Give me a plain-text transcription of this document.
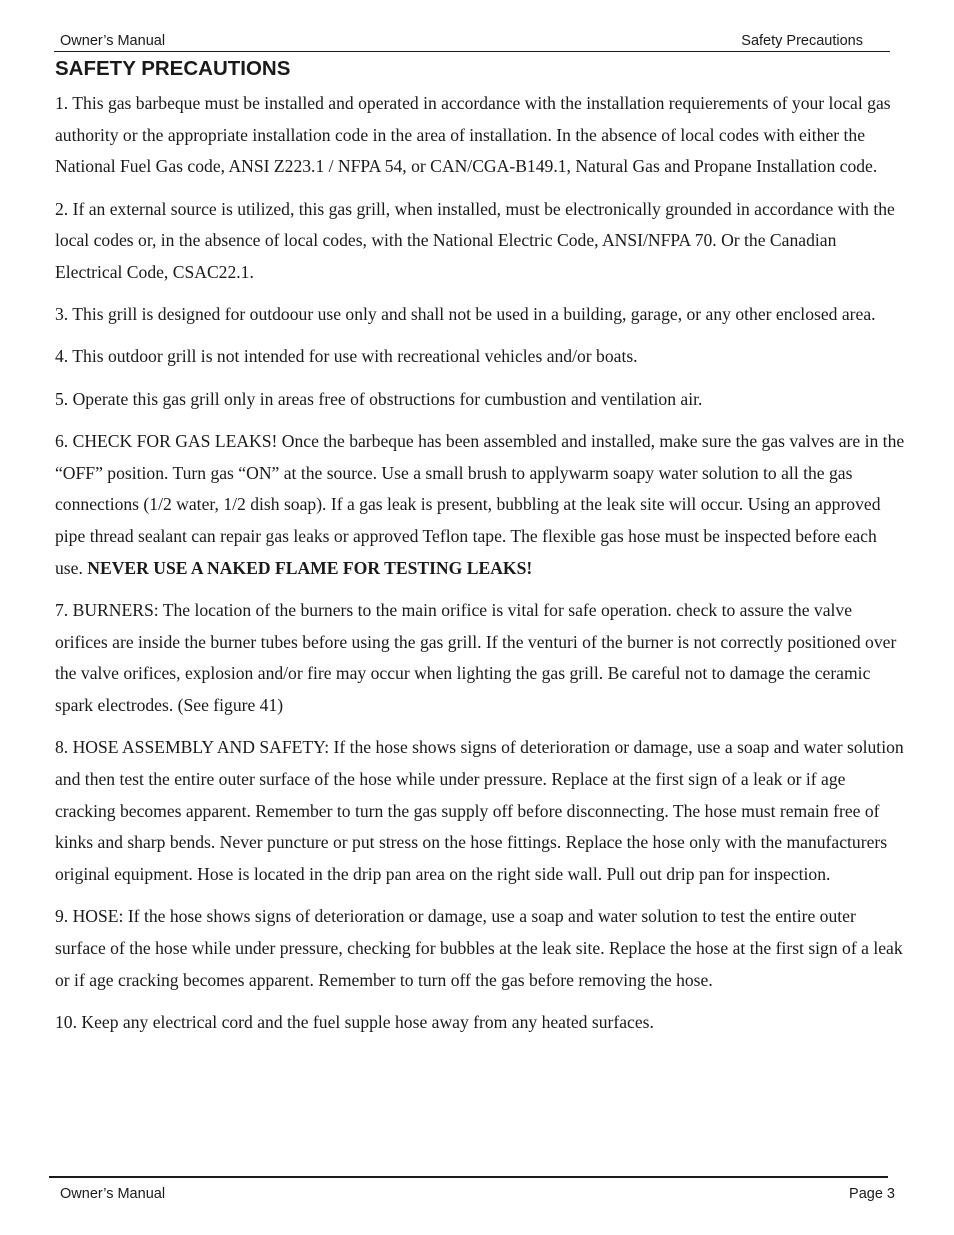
Owner’s Manual	Safety Precautions
SAFETY PRECAUTIONS

1. This gas barbeque must be installed and operated in accordance with the installation requierements of your local gas authority or the appropriate installation code in the area of installation. In the absence of local codes with either the National Fuel Gas code, ANSI Z223.1 / NFPA 54, or CAN/CGA-B149.1, Natural Gas and Propane Installation code.

2. If an external source is utilized, this gas grill, when installed, must be electronically grounded in accordance with the local codes or, in the absence of local codes, with the National Electric Code, ANSI/NFPA 70. Or the Canadian Electrical Code, CSAC22.1.

3. This grill is designed for outdoour use only and shall not be used in a building, garage, or any other enclosed area.

4. This outdoor grill is not intended for use with recreational vehicles and/or boats.

5. Operate this gas grill only in areas free of obstructions for cumbustion and ventilation air.

6. CHECK FOR GAS LEAKS! Once the barbeque has been assembled and installed, make sure the gas valves are in the “OFF” position. Turn gas “ON” at the source. Use a small brush to applywarm soapy water solution to all the gas connections (1/2 water, 1/2 dish soap). If a gas leak is present, bubbling at the leak site will occur. Using an approved pipe thread sealant can repair gas leaks or approved Teflon tape. The flexible gas hose must be inspected before each use. NEVER USE A NAKED FLAME FOR TESTING LEAKS!

7. BURNERS: The location of the burners to the main orifice is vital for safe operation. check to assure the valve orifices are inside the burner tubes before using the gas grill. If the venturi of the burner is not correctly positioned over the valve orifices, explosion and/or fire may occur when lighting the gas grill. Be careful not to damage the ceramic spark electrodes. (See figure 41)

8. HOSE ASSEMBLY AND SAFETY: If the hose shows signs of deterioration or damage, use a soap and water solution and then test the entire outer surface of the hose while under pressure. Replace at the first sign of a leak or if age cracking becomes apparent. Remember to turn the gas supply off before disconnecting. The hose must remain free of kinks and sharp bends. Never puncture or put stress on the hose fittings. Replace the hose only with the manufacturers original equipment. Hose is located in the drip pan area on the right side wall. Pull out drip pan for inspection.

9. HOSE: If the hose shows signs of deterioration or damage, use a soap and water solution to test the entire outer surface of the hose while under pressure, checking for bubbles at the leak site. Replace the hose at the first sign of a leak or if age cracking becomes apparent. Remember to turn off the gas before removing the hose.

10. Keep any electrical cord and the fuel supple hose away from any heated surfaces.

Owner’s Manual	Page 3
